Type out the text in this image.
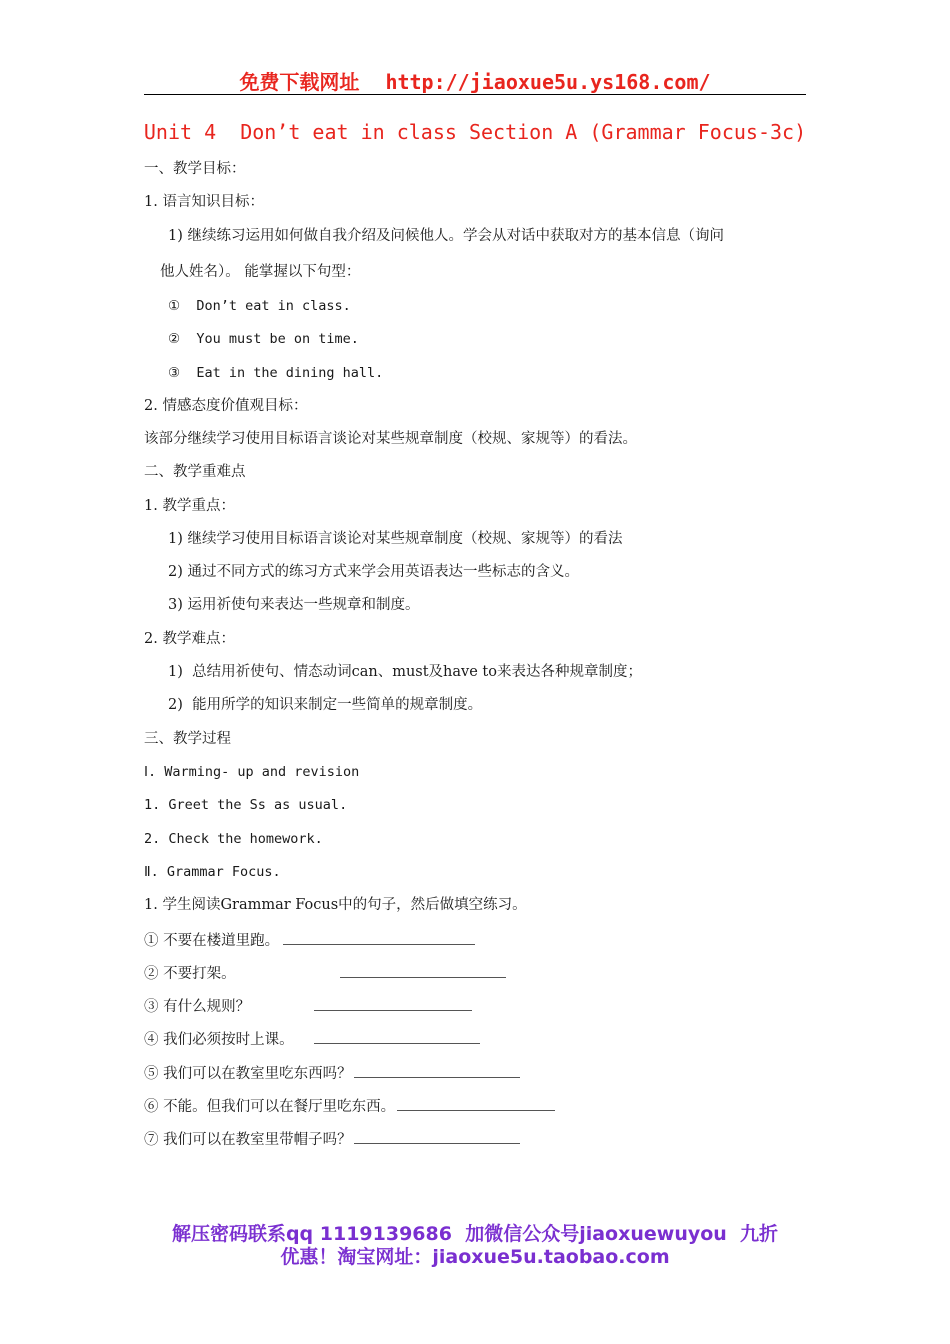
免费下载网址 http://jiaoxue5u.ys168.com/
Unit 4  Don’t eat in class Section A (Grammar Focus-3c)
一、教学目标：
1. 语言知识目标：
1) 继续练习运用如何做自我介绍及问候他人。学会从对话中获取对方的基本信息（询问
他人姓名）。 能掌握以下句型：
①  Don’t eat in class.
②  You must be on time.
③  Eat in the dining hall.
2. 情感态度价值观目标：
该部分继续学习使用目标语言谈论对某些规章制度（校规、家规等）的看法。
二、教学重难点
1. 教学重点：
1) 继续学习使用目标语言谈论对某些规章制度（校规、家规等）的看法
2) 通过不同方式的练习方式来学会用英语表达一些标志的含义。
3) 运用祈使句来表达一些规章和制度。
2. 教学难点：
1)  总结用祈使句、情态动词can、must及have to来表达各种规章制度；
2)  能用所学的知识来制定一些简单的规章制度。
三、教学过程
Ⅰ. Warming- up and revision
1. Greet the Ss as usual.
2. Check the homework.
Ⅱ. Grammar Focus.
1. 学生阅读Grammar Focus中的句子，然后做填空练习。
① 不要在楼道里跑。
② 不要打架。
③ 有什么规则？
④ 我们必须按时上课。
⑤ 我们可以在教室里吃东西吗？
⑥ 不能。但我们可以在餐厅里吃东西。
⑦ 我们可以在教室里带帽子吗？
解压密码联系qq 1119139686  加微信公众号jiaoxuewuyou  九折
优惠！淘宝网址：jiaoxue5u.taobao.com
